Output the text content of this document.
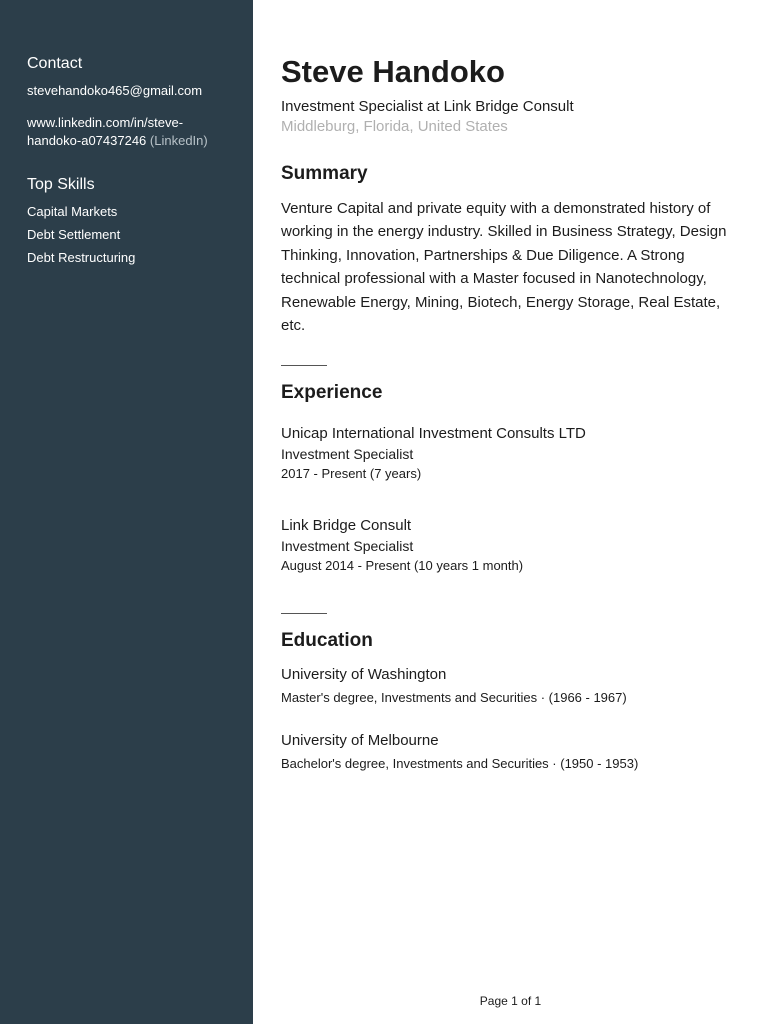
Contact
stevehandoko465@gmail.com
www.linkedin.com/in/steve-handoko-a07437246 (LinkedIn)
Top Skills
Capital Markets
Debt Settlement
Debt Restructuring
Steve Handoko
Investment Specialist at Link Bridge Consult
Middleburg, Florida, United States
Summary

Venture Capital and private equity with a demonstrated history of working in the energy industry. Skilled in Business Strategy, Design Thinking, Innovation, Partnerships & Due Diligence. A Strong technical professional with a Master focused in Nanotechnology, Renewable Energy, Mining, Biotech, Energy Storage, Real Estate, etc.

Experience
Unicap International Investment Consults LTD
Investment Specialist
2017 - Present (7 years)
Link Bridge Consult
Investment Specialist
August 2014 - Present (10 years 1 month)
Education
University of Washington
Master's degree, Investments and Securities · (1966 - 1967)
University of Melbourne
Bachelor's degree, Investments and Securities · (1950 - 1953)
Page 1 of 1
